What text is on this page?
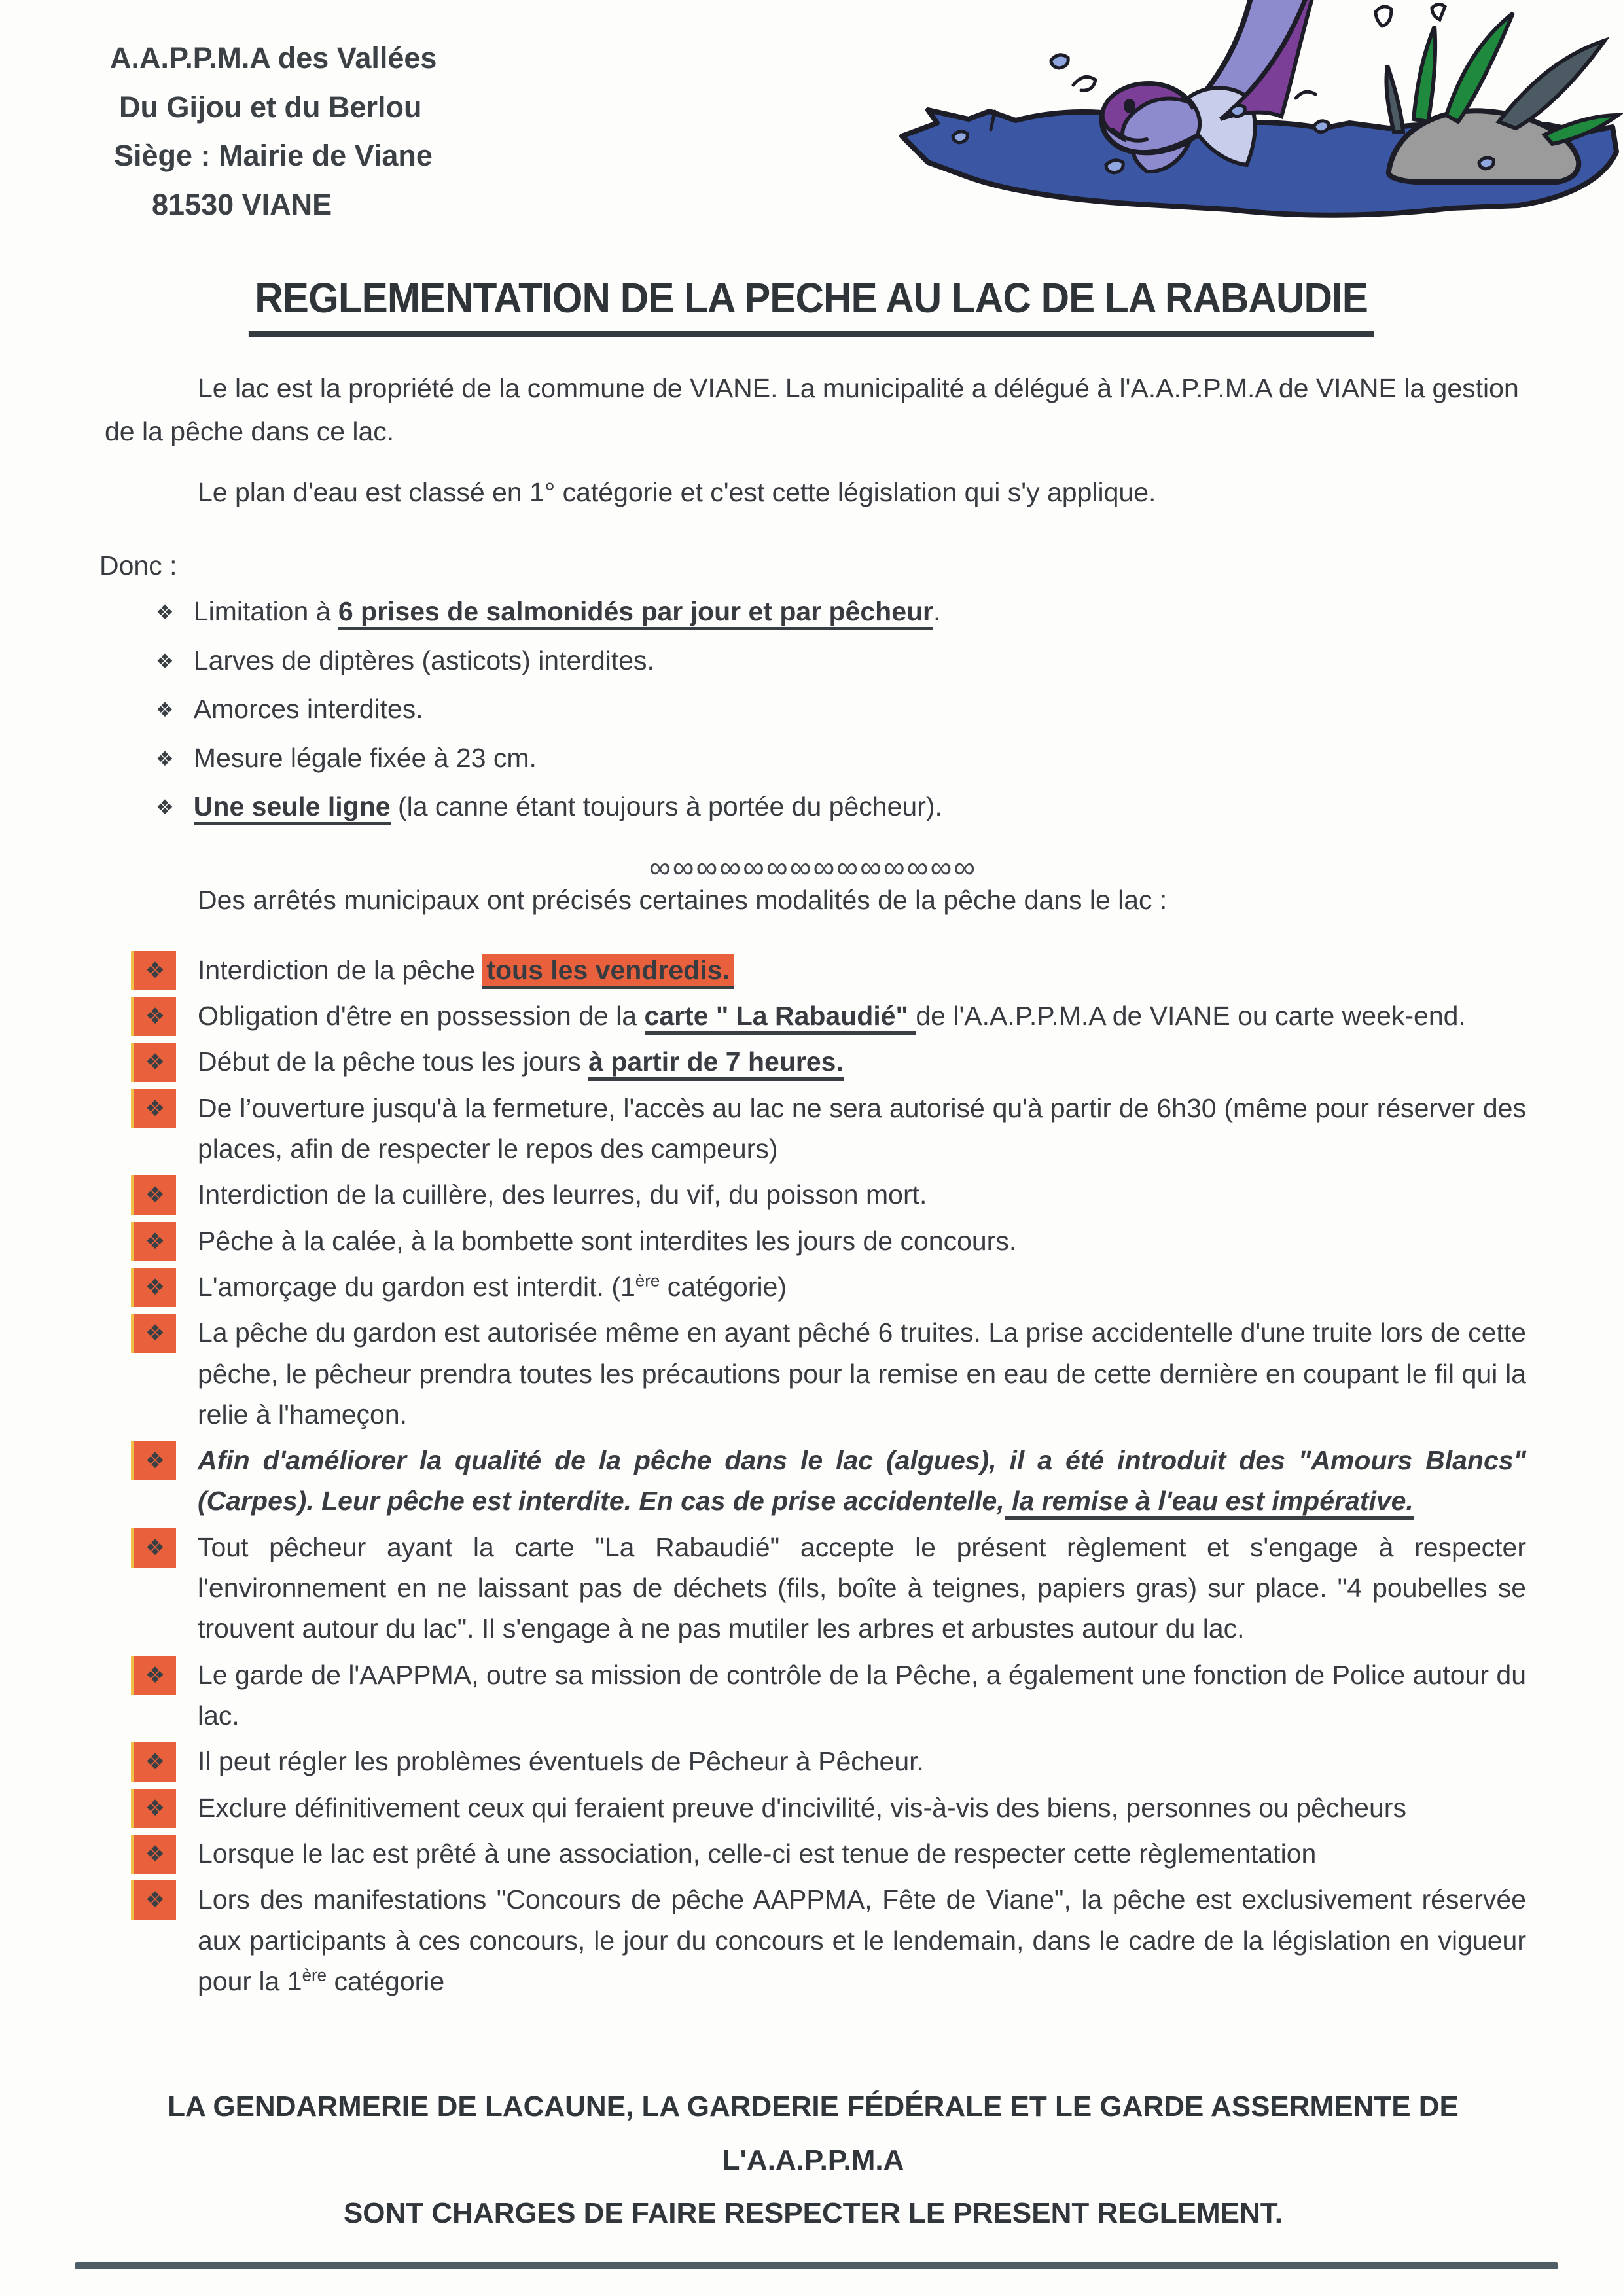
A.A.P.P.M.A des Vallées
Du Gijou et du Berlou
Siège : Mairie de Viane
81530 VIANE
REGLEMENTATION DE LA PECHE AU LAC DE LA RABAUDIE

Le lac est la propriété de la commune de VIANE. La municipalité a délégué à l'A.A.P.P.M.A de VIANE la gestion de la pêche dans ce lac.

Le plan d'eau est classé en 1° catégorie et c'est cette législation qui s'y applique.

Donc :
❖ Limitation à 6 prises de salmonidés par jour et par pêcheur.
❖ Larves de diptères (asticots) interdites.
❖ Amorces interdites.
❖ Mesure légale fixée à 23 cm.
❖ Une seule ligne (la canne étant toujours à portée du pêcheur).
∞∞∞∞∞∞∞∞∞∞∞∞∞∞

Des arrêtés municipaux ont précisés certaines modalités de la pêche dans le lac :

❖	Interdiction de la pêche tous les vendredis.
❖	Obligation d'être en possession de la carte " La Rabaudié" de l'A.A.P.P.M.A de VIANE ou carte week-end.
❖	Début de la pêche tous les jours à partir de 7 heures.
❖	De l’ouverture jusqu'à la fermeture, l'accès au lac ne sera autorisé qu'à partir de 6h30 (même pour réserver des places, afin de respecter le repos des campeurs)
❖	Interdiction de la cuillère, des leurres, du vif, du poisson mort.
❖	Pêche à la calée, à la bombette sont interdites les jours de concours.
❖	L'amorçage du gardon est interdit. (1ère catégorie)
❖	La pêche du gardon est autorisée même en ayant pêché 6 truites. La prise accidentelle d'une truite lors de cette pêche, le pêcheur prendra toutes les précautions pour la remise en eau de cette dernière en coupant le fil qui la relie à l'hameçon.
❖	Afin d'améliorer la qualité de la pêche dans le lac (algues), il a été introduit des "Amours Blancs" (Carpes). Leur pêche est interdite. En cas de prise accidentelle, la remise à l'eau est impérative.
❖	Tout pêcheur ayant la carte "La Rabaudié" accepte le présent règlement et s'engage à respecter l'environnement en ne laissant pas de déchets (fils, boîte à teignes, papiers gras) sur place. "4 poubelles se trouvent autour du lac". Il s'engage à ne pas mutiler les arbres et arbustes autour du lac.
❖	Le garde de l'AAPPMA, outre sa mission de contrôle de la Pêche, a également une fonction de Police autour du lac.
❖	Il peut régler les problèmes éventuels de Pêcheur à Pêcheur.
❖	Exclure définitivement ceux qui feraient preuve d'incivilité, vis-à-vis des biens, personnes ou pêcheurs
❖	Lorsque le lac est prêté à une association, celle-ci est tenue de respecter cette règlementation
❖	Lors des manifestations "Concours de pêche AAPPMA, Fête de Viane", la pêche est exclusivement réservée aux participants à ces concours, le jour du concours et le lendemain, dans le cadre de la législation en vigueur pour la 1ère catégorie
LA GENDARMERIE DE LACAUNE, LA GARDERIE FÉDÉRALE ET LE GARDE ASSERMENTE DE L'A.A.P.P.M.A
SONT CHARGES DE FAIRE RESPECTER LE PRESENT REGLEMENT.
